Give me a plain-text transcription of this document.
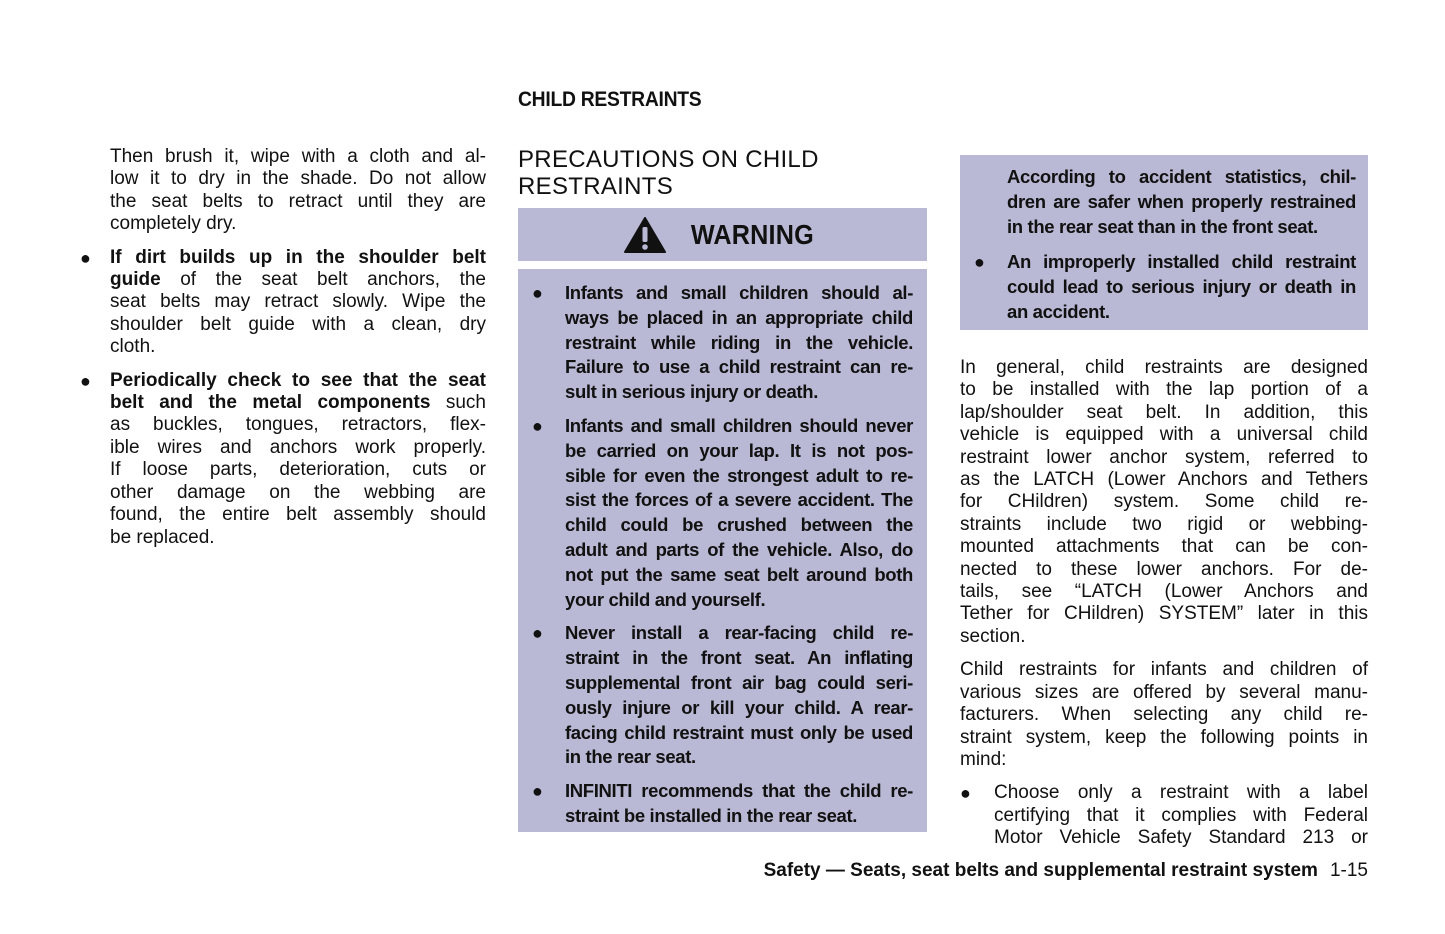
CHILD RESTRAINTS
Then brush it, wipe with a cloth and al-
low it to dry in the shade. Do not allow
the seat belts to retract until they are
completely dry.
● If dirt builds up in the shoulder belt
guide of the seat belt anchors, the
seat belts may retract slowly. Wipe the
shoulder belt guide with a clean, dry
cloth.
● Periodically check to see that the seat
belt and the metal components such
as buckles, tongues, retractors, flex-
ible wires and anchors work properly.
If loose parts, deterioration, cuts or
other damage on the webbing are
found, the entire belt assembly should
be replaced.
PRECAUTIONS ON CHILD
RESTRAINTS
WARNING
● Infants and small children should al-
ways be placed in an appropriate child
restraint while riding in the vehicle.
Failure to use a child restraint can re-
sult in serious injury or death.
● Infants and small children should never
be carried on your lap. It is not pos-
sible for even the strongest adult to re-
sist the forces of a severe accident. The
child could be crushed between the
adult and parts of the vehicle. Also, do
not put the same seat belt around both
your child and yourself.
● Never install a rear-facing child re-
straint in the front seat. An inflating
supplemental front air bag could seri-
ously injure or kill your child. A rear-
facing child restraint must only be used
in the rear seat.
● INFINITI recommends that the child re-
straint be installed in the rear seat.
According to accident statistics, chil-
dren are safer when properly restrained
in the rear seat than in the front seat.
● An improperly installed child restraint
could lead to serious injury or death in
an accident.
In general, child restraints are designed
to be installed with the lap portion of a
lap/shoulder seat belt. In addition, this
vehicle is equipped with a universal child
restraint lower anchor system, referred to
as the LATCH (Lower Anchors and Tethers
for CHildren) system. Some child re-
straints include two rigid or webbing-
mounted attachments that can be con-
nected to these lower anchors. For de-
tails, see “LATCH (Lower Anchors and
Tether for CHildren) SYSTEM” later in this
section.
Child restraints for infants and children of
various sizes are offered by several manu-
facturers. When selecting any child re-
straint system, keep the following points in
mind:
●	Choose only a restraint with a label
certifying that it complies with Federal
Motor Vehicle Safety Standard 213 or
Safety — Seats, seat belts and supplemental restraint system 1-15
